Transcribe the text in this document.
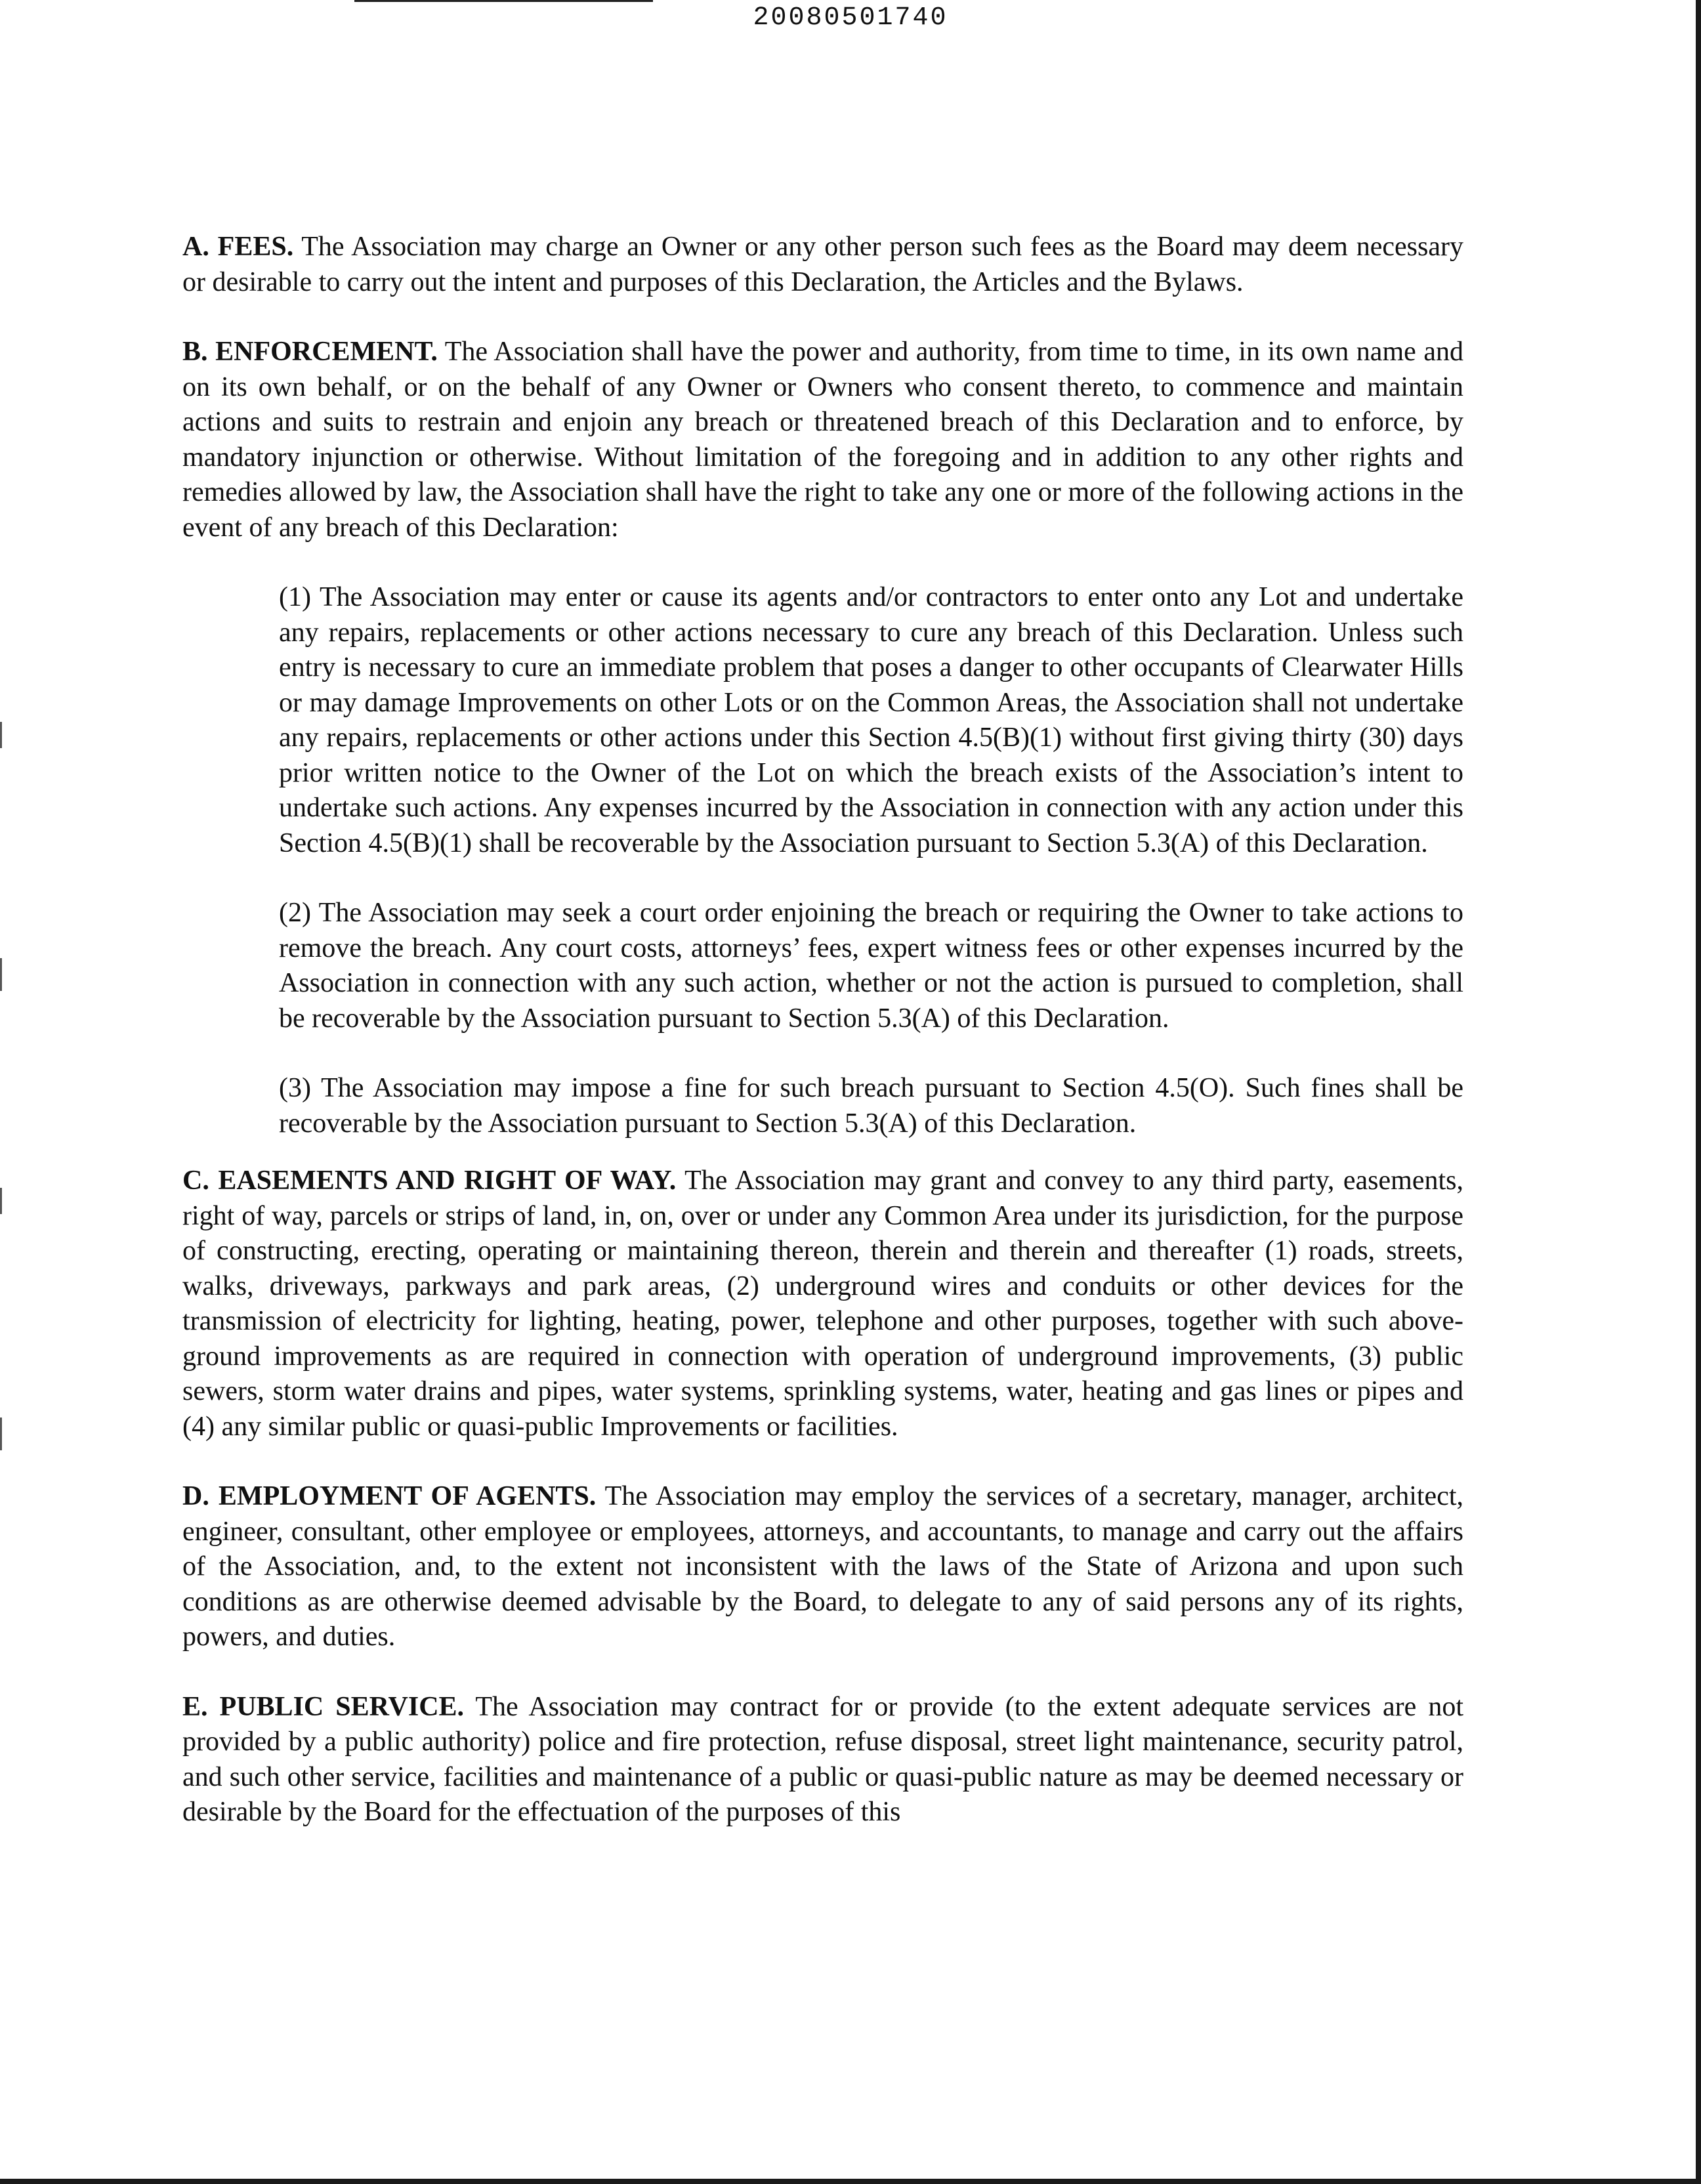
20080501740

A. FEES. The Association may charge an Owner or any other person such fees as the Board may deem necessary or desirable to carry out the intent and purposes of this Declaration, the Articles and the Bylaws.

B. ENFORCEMENT. The Association shall have the power and authority, from time to time, in its own name and on its own behalf, or on the behalf of any Owner or Owners who consent thereto, to commence and maintain actions and suits to restrain and enjoin any breach or threatened breach of this Declaration and to enforce, by mandatory injunction or otherwise. Without limitation of the foregoing and in addition to any other rights and remedies allowed by law, the Association shall have the right to take any one or more of the following actions in the event of any breach of this Declaration:

(1) The Association may enter or cause its agents and/or contractors to enter onto any Lot and undertake any repairs, replacements or other actions necessary to cure any breach of this Declaration. Unless such entry is necessary to cure an immediate problem that poses a danger to other occupants of Clearwater Hills or may damage Improvements on other Lots or on the Common Areas, the Association shall not undertake any repairs, replacements or other actions under this Section 4.5(B)(1) without first giving thirty (30) days prior written notice to the Owner of the Lot on which the breach exists of the Association’s intent to undertake such actions. Any expenses incurred by the Association in connection with any action under this Section 4.5(B)(1) shall be recoverable by the Association pursuant to Section 5.3(A) of this Declaration.

(2) The Association may seek a court order enjoining the breach or requiring the Owner to take actions to remove the breach. Any court costs, attorneys’ fees, expert witness fees or other expenses incurred by the Association in connection with any such action, whether or not the action is pursued to completion, shall be recoverable by the Association pursuant to Section 5.3(A) of this Declaration.

(3) The Association may impose a fine for such breach pursuant to Section 4.5(O). Such fines shall be recoverable by the Association pursuant to Section 5.3(A) of this Declaration.

C. EASEMENTS AND RIGHT OF WAY. The Association may grant and convey to any third party, easements, right of way, parcels or strips of land, in, on, over or under any Common Area under its jurisdiction, for the purpose of constructing, erecting, operating or maintaining thereon, therein and therein and thereafter (1) roads, streets, walks, driveways, parkways and park areas, (2) underground wires and conduits or other devices for the transmission of electricity for lighting, heating, power, telephone and other purposes, together with such above-ground improvements as are required in connection with operation of underground improvements, (3) public sewers, storm water drains and pipes, water systems, sprinkling systems, water, heating and gas lines or pipes and (4) any similar public or quasi-public Improvements or facilities.

D. EMPLOYMENT OF AGENTS. The Association may employ the services of a secretary, manager, architect, engineer, consultant, other employee or employees, attorneys, and accountants, to manage and carry out the affairs of the Association, and, to the extent not inconsistent with the laws of the State of Arizona and upon such conditions as are otherwise deemed advisable by the Board, to delegate to any of said persons any of its rights, powers, and duties.

E. PUBLIC SERVICE. The Association may contract for or provide (to the extent adequate services are not provided by a public authority) police and fire protection, refuse disposal, street light maintenance, security patrol, and such other service, facilities and maintenance of a public or quasi-public nature as may be deemed necessary or desirable by the Board for the effectuation of the purposes of this
